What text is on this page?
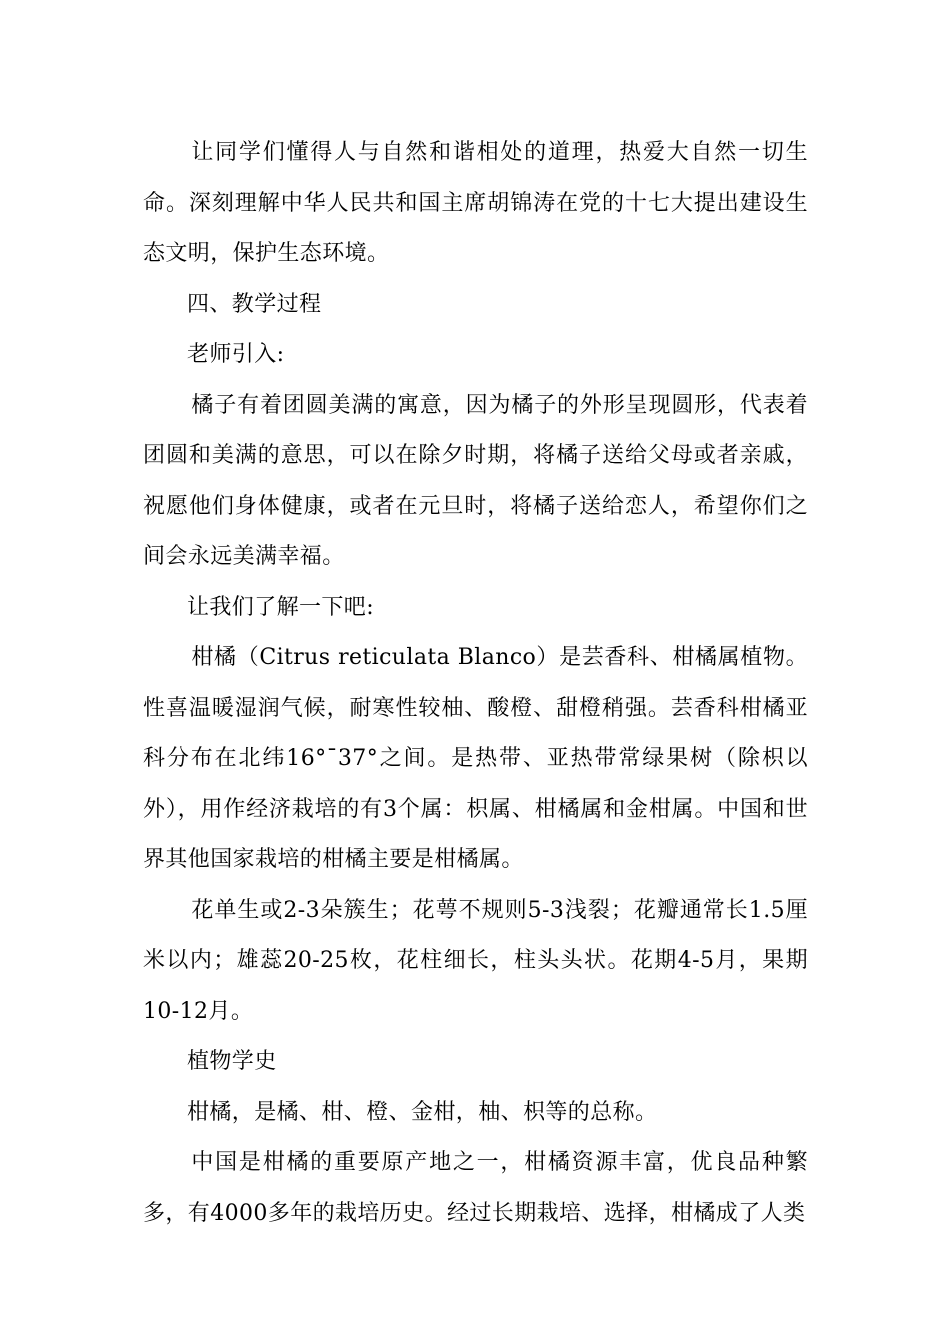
让同学们懂得人与自然和谐相处的道理，热爱大自然一切生命。深刻理解中华人民共和国主席胡锦涛在党的十七大提出建设生态文明，保护生态环境。

四、教学过程

老师引入:

橘子有着团圆美满的寓意，因为橘子的外形呈现圆形，代表着团圆和美满的意思，可以在除夕时期，将橘子送给父母或者亲戚，祝愿他们身体健康，或者在元旦时，将橘子送给恋人，希望你们之间会永远美满幸福。

让我们了解一下吧:

柑橘（Citrus reticulata Blanco）是芸香科、柑橘属植物。性喜温暖湿润气候，耐寒性较柚、酸橙、甜橙稍强。芸香科柑橘亚科分布在北纬16°¯37°之间。是热带、亚热带常绿果树（除枳以外），用作经济栽培的有3个属：枳属、柑橘属和金柑属。中国和世界其他国家栽培的柑橘主要是柑橘属。

花单生或2-3朵簇生；花萼不规则5-3浅裂；花瓣通常长1.5厘米以内；雄蕊20-25枚，花柱细长，柱头头状。花期4-5月，果期10-12月。

植物学史

柑橘，是橘、柑、橙、金柑，柚、枳等的总称。

中国是柑橘的重要原产地之一，柑橘资源丰富，优良品种繁多，有4000多年的栽培历史。经过长期栽培、选择，柑橘成了人类
